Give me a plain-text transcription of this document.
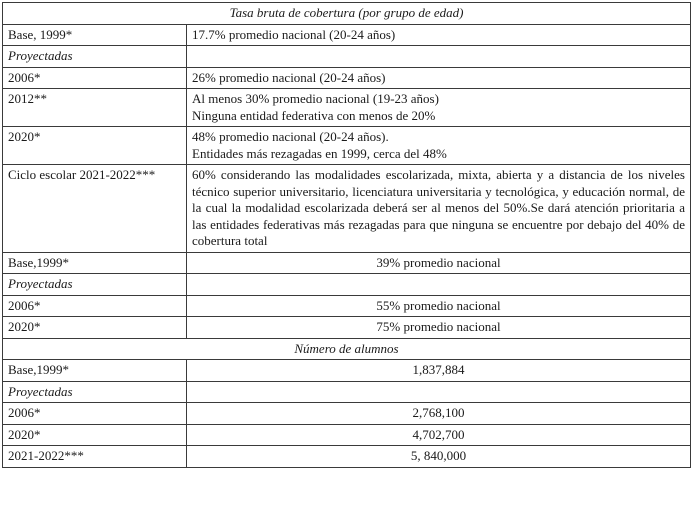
Tasa bruta de cobertura (por grupo de edad)	
Base, 1999*	17.7% promedio nacional (20-24 años)

Proyectadas	
2006*	26% promedio nacional (20-24 años)

2012**	Al menos 30% promedio nacional (19-23 años)
Ninguna entidad federativa con menos de 20%

2020*	48% promedio nacional (20-24 años).
Entidades más rezagadas en 1999, cerca del 48%

Ciclo escolar 2021-2022***	60% considerando las modalidades escolarizada, mixta, abierta y a distancia de los niveles técnico superior universitario, licenciatura universitaria y tecnológica, y educación normal, de la cual la modalidad escolarizada deberá ser al menos del 50%.Se dará atención prioritaria a las entidades federativas más rezagadas para que ninguna se encuentre por debajo del 40% de cobertura total

Base,1999*	39% promedio nacional
Proyectadas	
2006*	55% promedio nacional
2020*	75% promedio nacional
Número de alumnos	
Base,1999*	1,837,884
Proyectadas	
2006*	2,768,100
2020*	4,702,700
2021-2022***	5, 840,000
